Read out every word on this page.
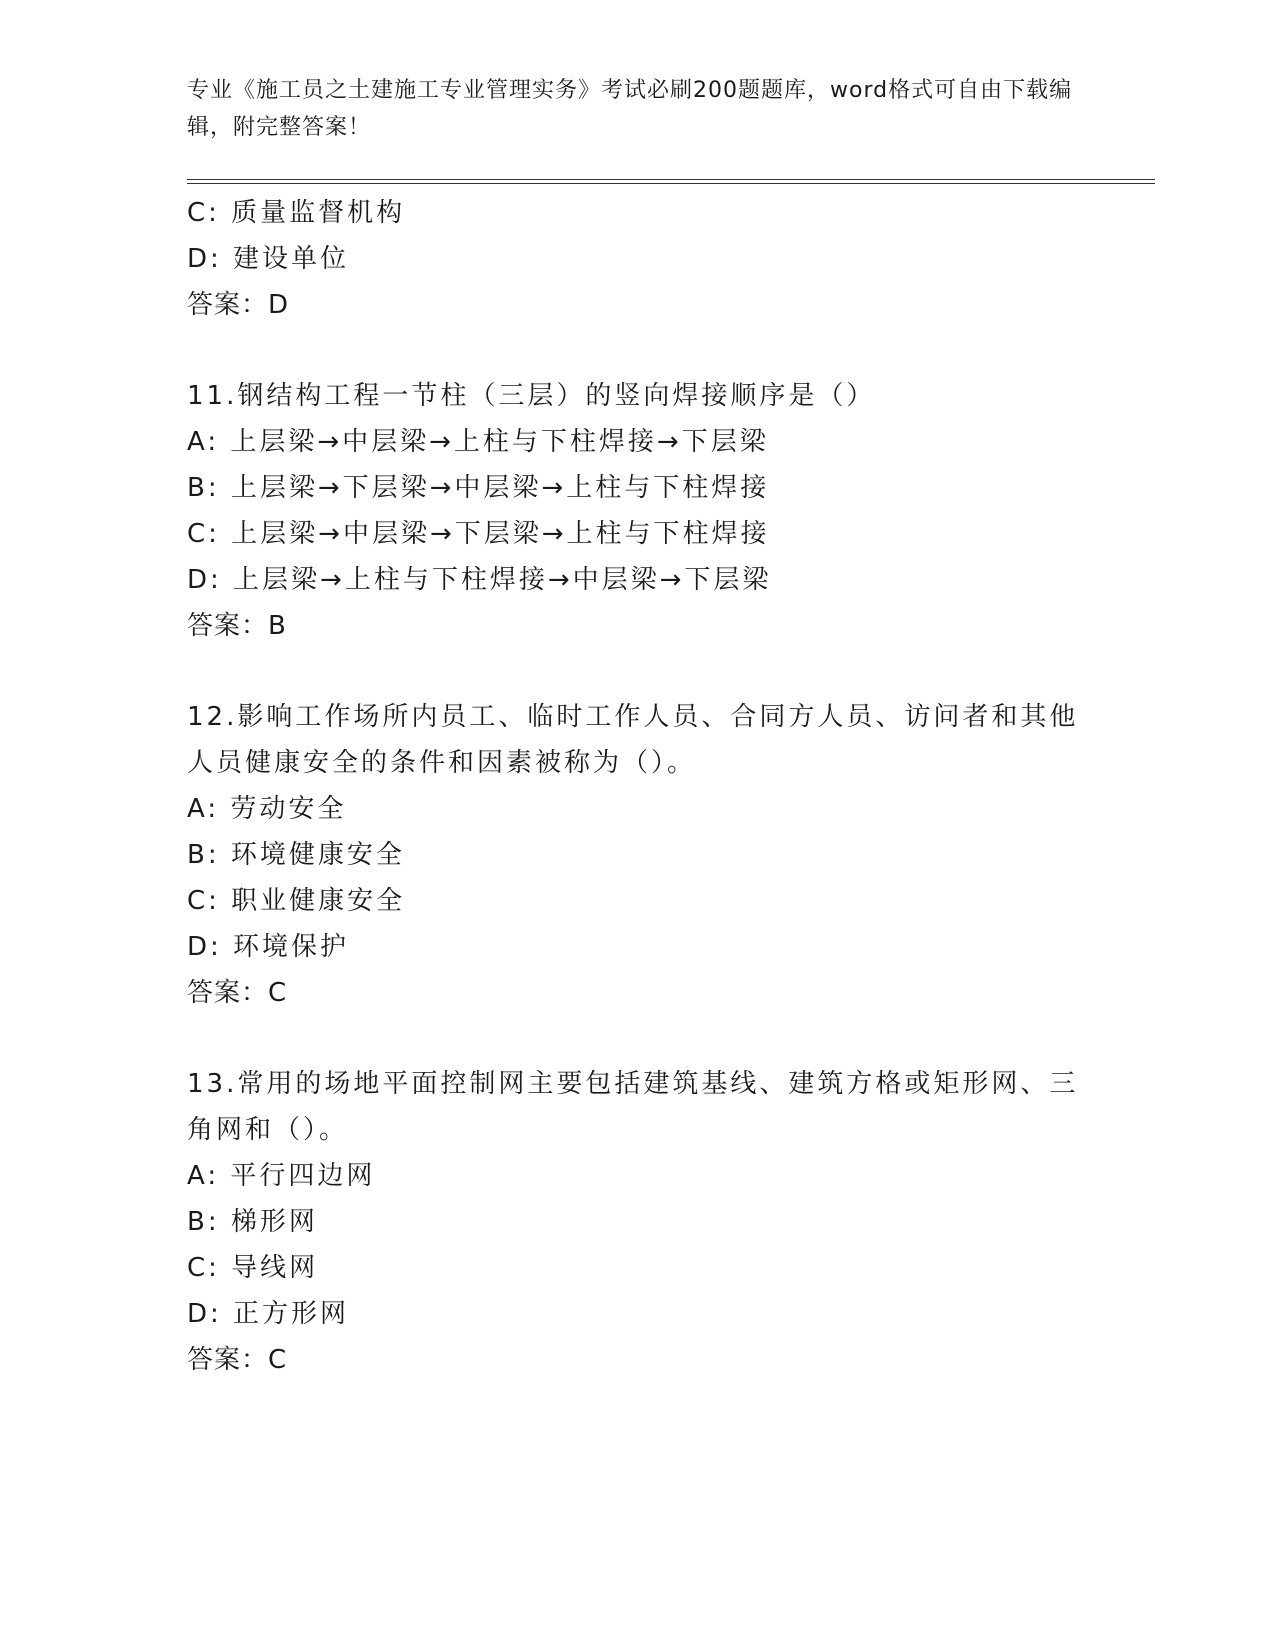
专业《施工员之土建施工专业管理实务》考试必刷200题题库，word格式可自由下载编辑，附完整答案！
C: 质量监督机构
D: 建设单位
答案：D
11.钢结构工程一节柱（三层）的竖向焊接顺序是（）
A: 上层梁→中层梁→上柱与下柱焊接→下层梁
B: 上层梁→下层梁→中层梁→上柱与下柱焊接
C: 上层梁→中层梁→下层梁→上柱与下柱焊接
D: 上层梁→上柱与下柱焊接→中层梁→下层梁
答案：B
12.影响工作场所内员工、临时工作人员、合同方人员、访问者和其他人员健康安全的条件和因素被称为（）。
A: 劳动安全
B: 环境健康安全
C: 职业健康安全
D: 环境保护
答案：C
13.常用的场地平面控制网主要包括建筑基线、建筑方格或矩形网、三角网和（）。
A: 平行四边网
B: 梯形网
C: 导线网
D: 正方形网
答案：C
